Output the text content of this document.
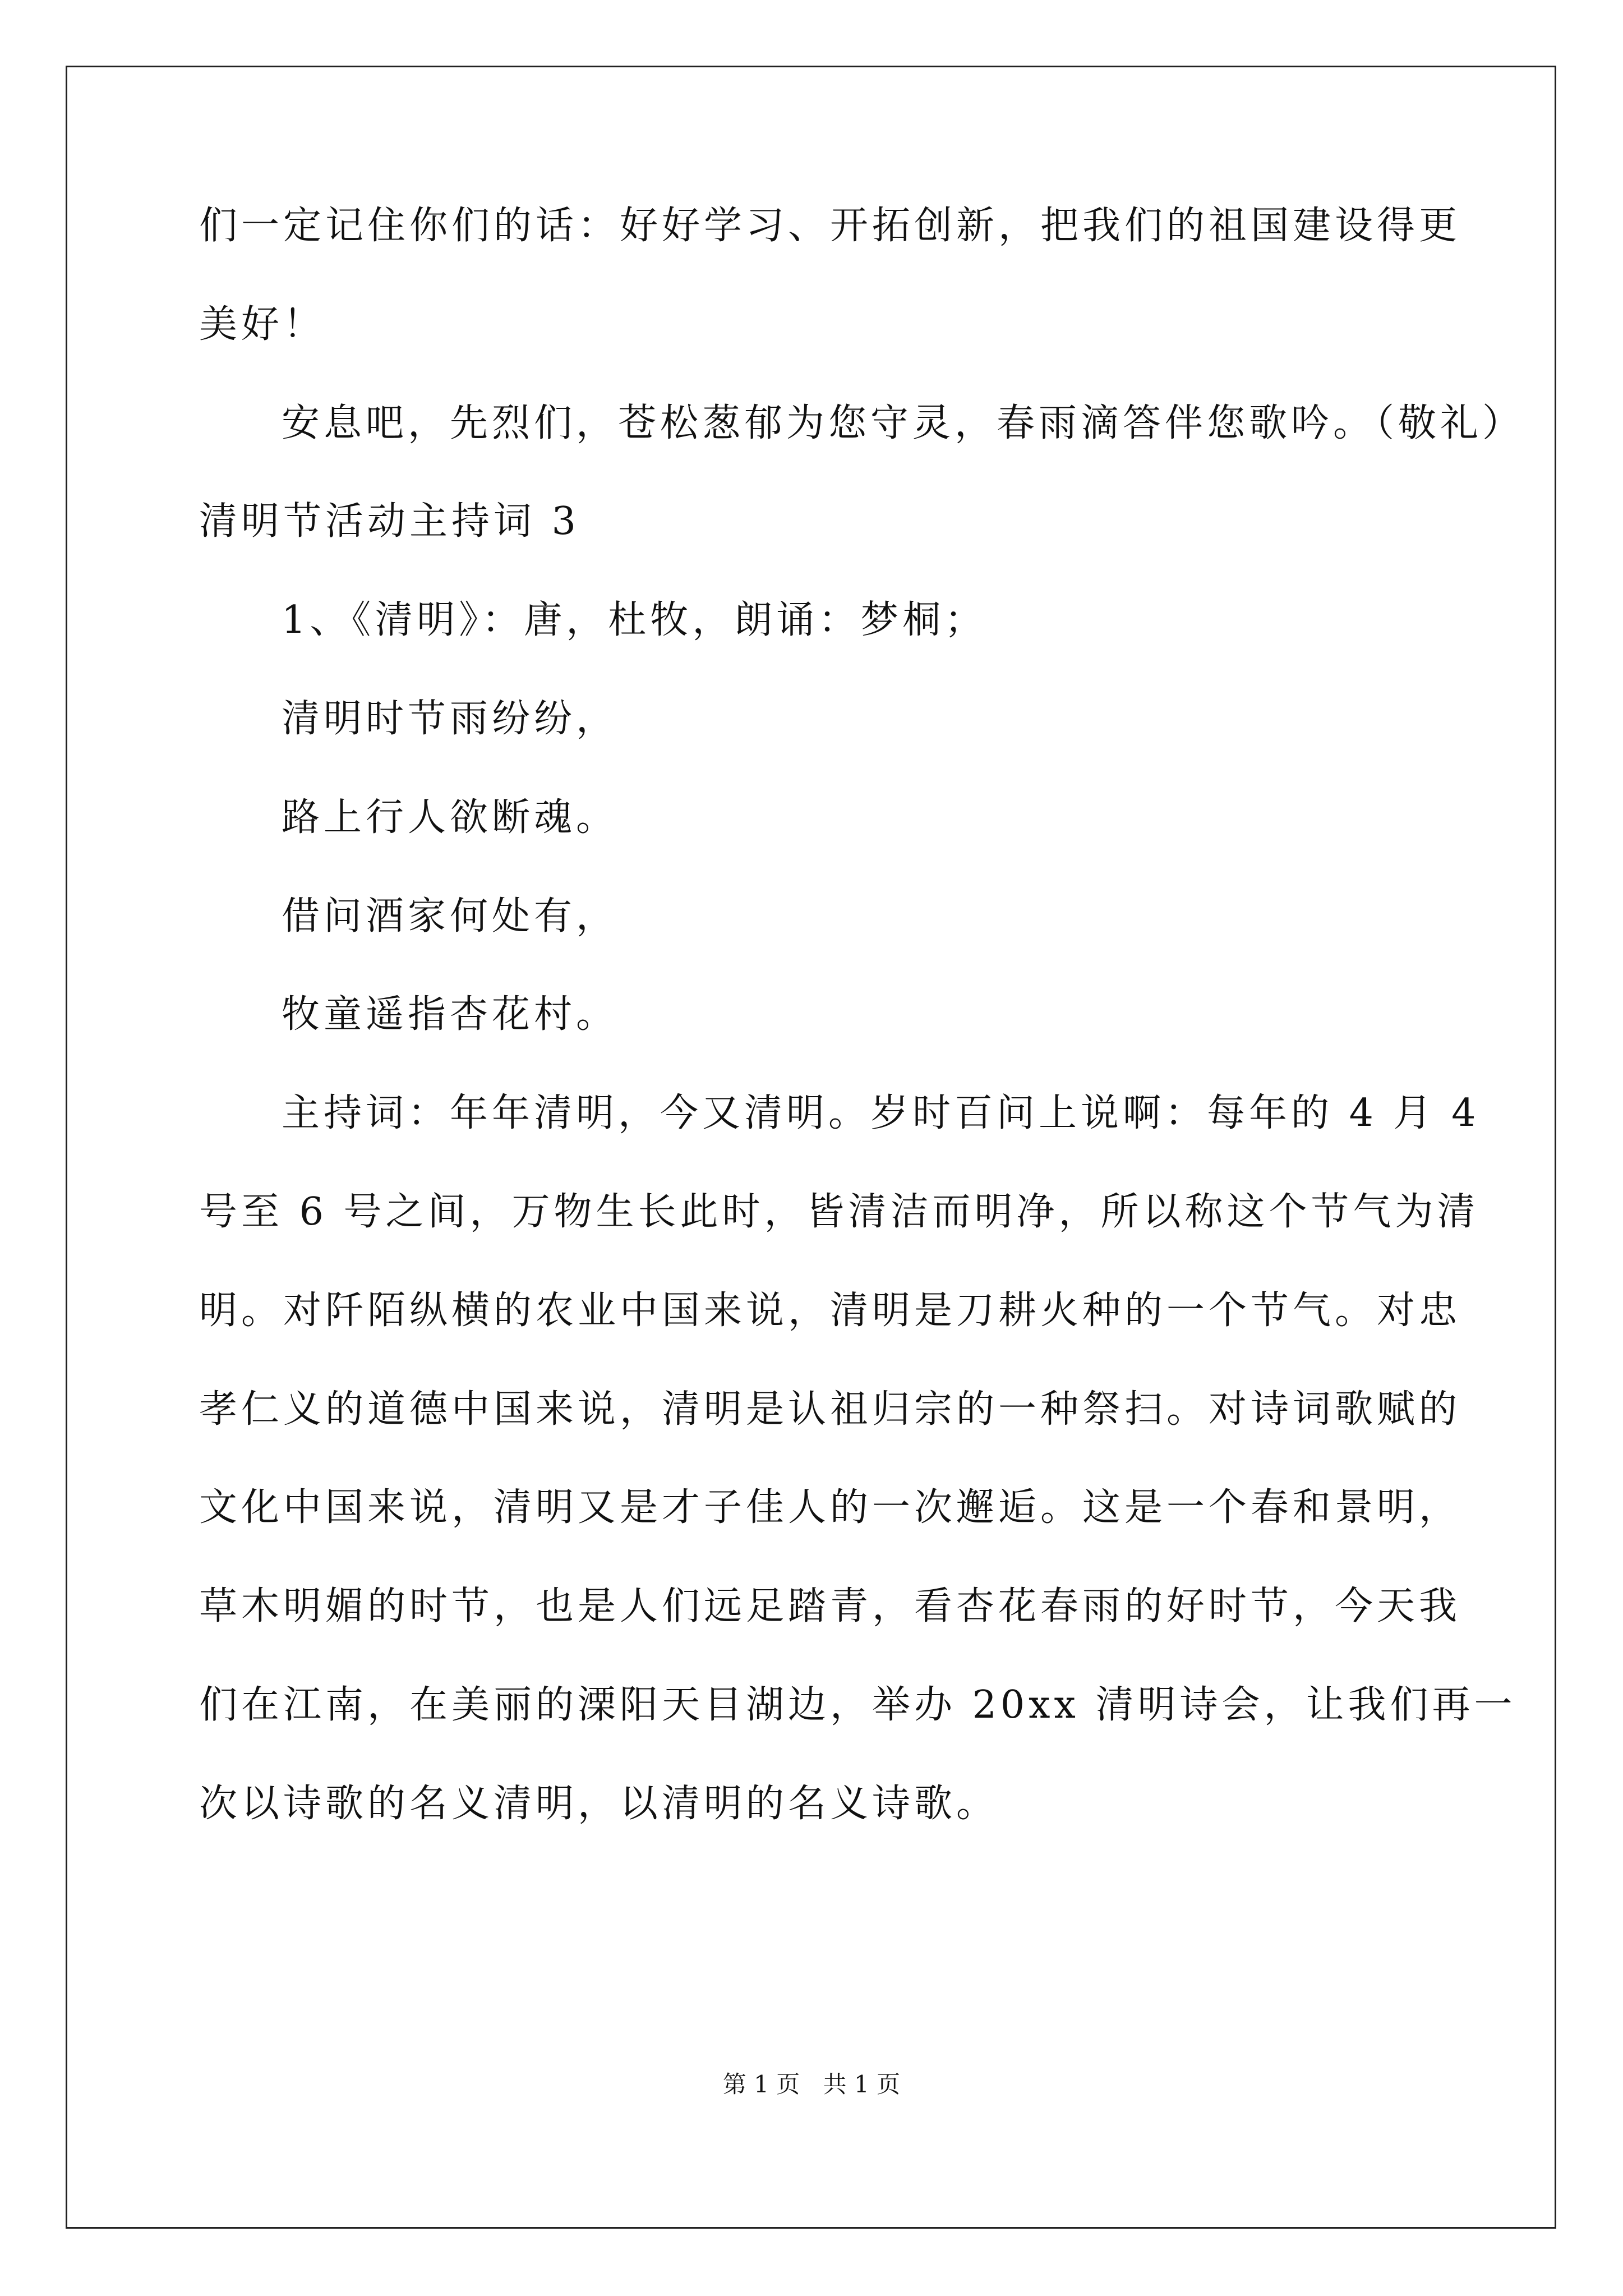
们一定记住你们的话：好好学习、开拓创新，把我们的祖国建设得更
美好！
安息吧，先烈们，苍松葱郁为您守灵，春雨滴答伴您歌吟。（敬礼）
清明节活动主持词 3
1、《清明》：唐，杜牧，朗诵：梦桐；
清明时节雨纷纷，
路上行人欲断魂。
借问酒家何处有，
牧童遥指杏花村。
主持词：年年清明，今又清明。岁时百问上说啊：每年的 4 月 4
号至 6 号之间，万物生长此时，皆清洁而明净，所以称这个节气为清
明。对阡陌纵横的农业中国来说，清明是刀耕火种的一个节气。对忠
孝仁义的道德中国来说，清明是认祖归宗的一种祭扫。对诗词歌赋的
文化中国来说，清明又是才子佳人的一次邂逅。这是一个春和景明，
草木明媚的时节，也是人们远足踏青，看杏花春雨的好时节，今天我
们在江南，在美丽的溧阳天目湖边，举办 20xx 清明诗会，让我们再一
次以诗歌的名义清明，以清明的名义诗歌。
第 1 页 共 1 页
